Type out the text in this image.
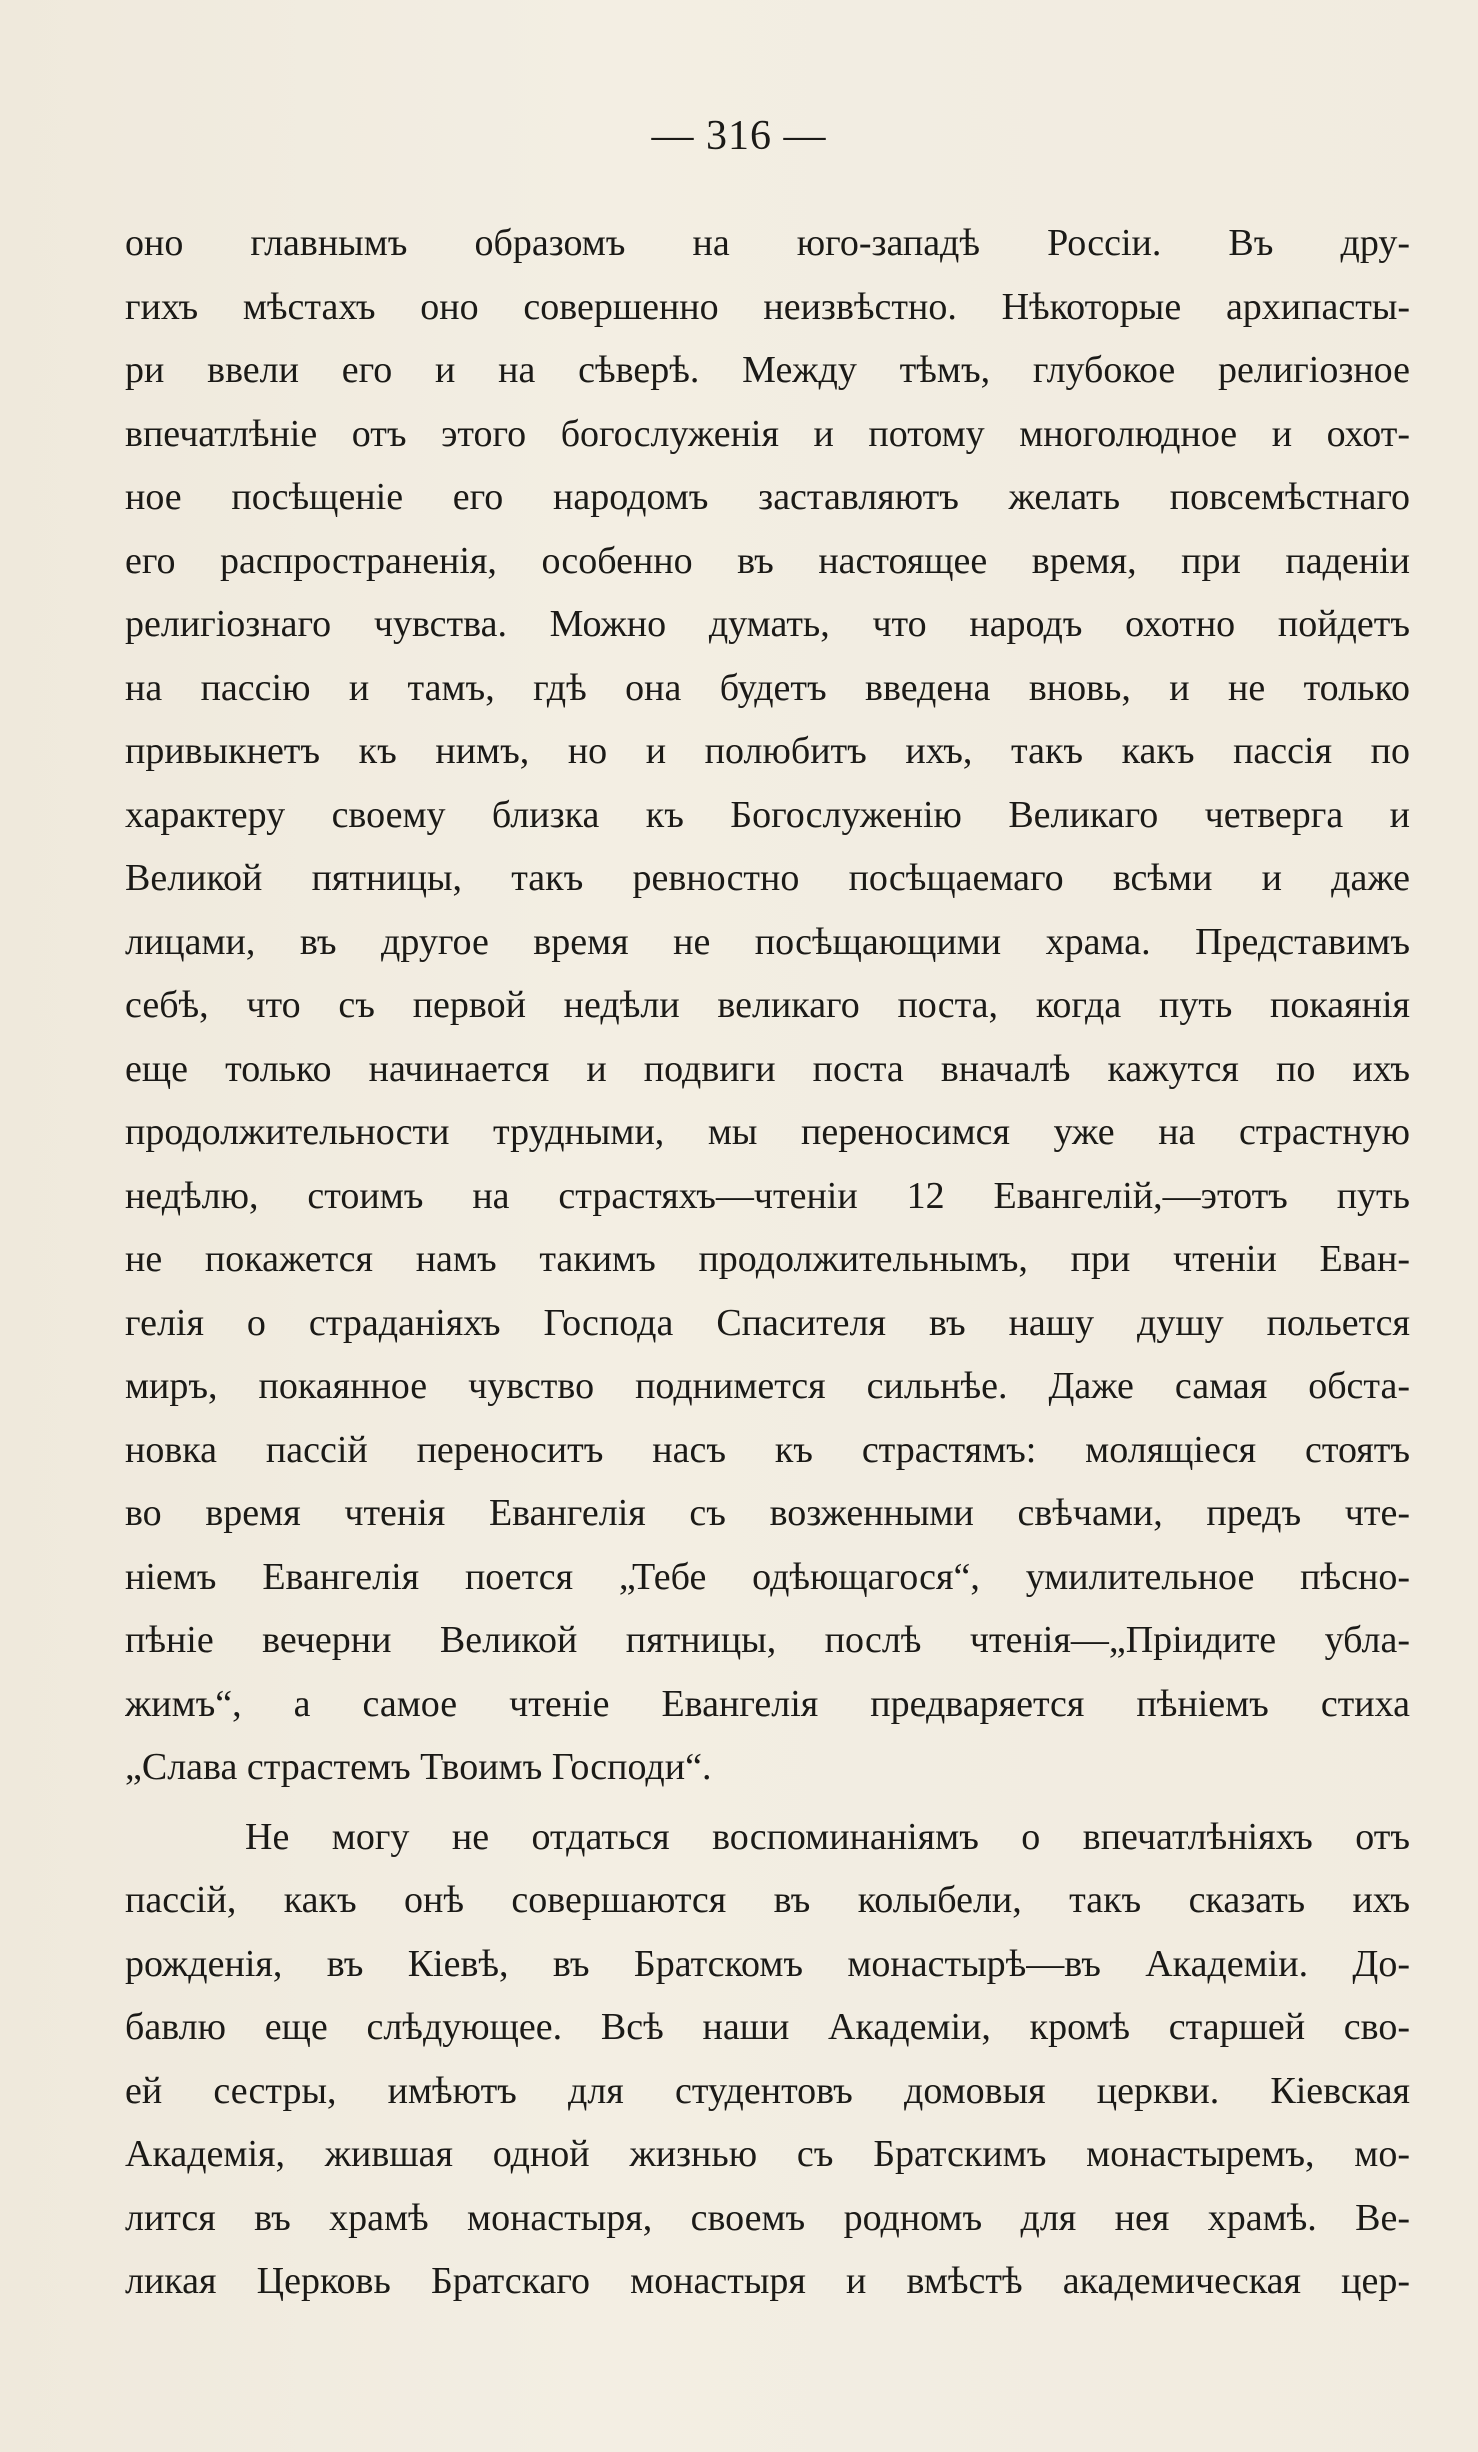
— 316 —
оно главнымъ образомъ на юго-западѣ Россіи. Въ дру-
гихъ мѣстахъ оно совершенно неизвѣстно. Нѣкоторые архипасты-
ри ввели его и на сѣверѣ. Между тѣмъ, глубокое религіозное
впечатлѣніе отъ этого богослуженія и потому многолюдное и охот-
ное посѣщеніе его народомъ заставляютъ желать повсемѣстнаго
его распространенія, особенно въ настоящее время, при паденіи
религіознаго чувства. Можно думать, что народъ охотно пойдетъ
на пассію и тамъ, гдѣ она будетъ введена вновь, и не только
привыкнетъ къ нимъ, но и полюбитъ ихъ, такъ какъ пассія по
характеру своему близка къ Богослуженію Великаго четверга и
Великой пятницы, такъ ревностно посѣщаемаго всѣми и даже
лицами, въ другое время не посѣщающими храма. Представимъ
себѣ, что съ первой недѣли великаго поста, когда путь покаянія
еще только начинается и подвиги поста вначалѣ кажутся по ихъ
продолжительности трудными, мы переносимся уже на страстную
недѣлю, стоимъ на страстяхъ—чтеніи 12 Евангелій,—этотъ путь
не покажется намъ такимъ продолжительнымъ, при чтеніи Еван-
гелія о страданіяхъ Господа Спасителя въ нашу душу польется
миръ, покаянное чувство поднимется сильнѣе. Даже самая обста-
новка пассій переноситъ насъ къ страстямъ: молящіеся стоятъ
во время чтенія Евангелія съ возженными свѣчами, предъ чте-
ніемъ Евангелія поется „Тебе одѣющагося“, умилительное пѣсно-
пѣніе вечерни Великой пятницы, послѣ чтенія—„Пріидите ублa-
жимъ“, а самое чтеніе Евангелія предваряется пѣніемъ стиха
„Слава страстемъ Твоимъ Господи“.
Не могу не отдаться воспоминаніямъ о впечатлѣніяхъ отъ
пассій, какъ онѣ совершаются въ колыбели, такъ сказать ихъ
рожденія, въ Кіевѣ, въ Братскомъ монастырѣ—въ Академіи. До-
бавлю еще слѣдующее. Всѣ наши Академіи, кромѣ старшей сво-
ей сестры, имѣютъ для студентовъ домовыя церкви. Кіевская
Академія, жившая одной жизнью съ Братскимъ монастыремъ, мо-
лится въ храмѣ монастыря, своемъ родномъ для нея храмѣ. Ве-
ликая Церковь Братскаго монастыря и вмѣстѣ академическая цер-
